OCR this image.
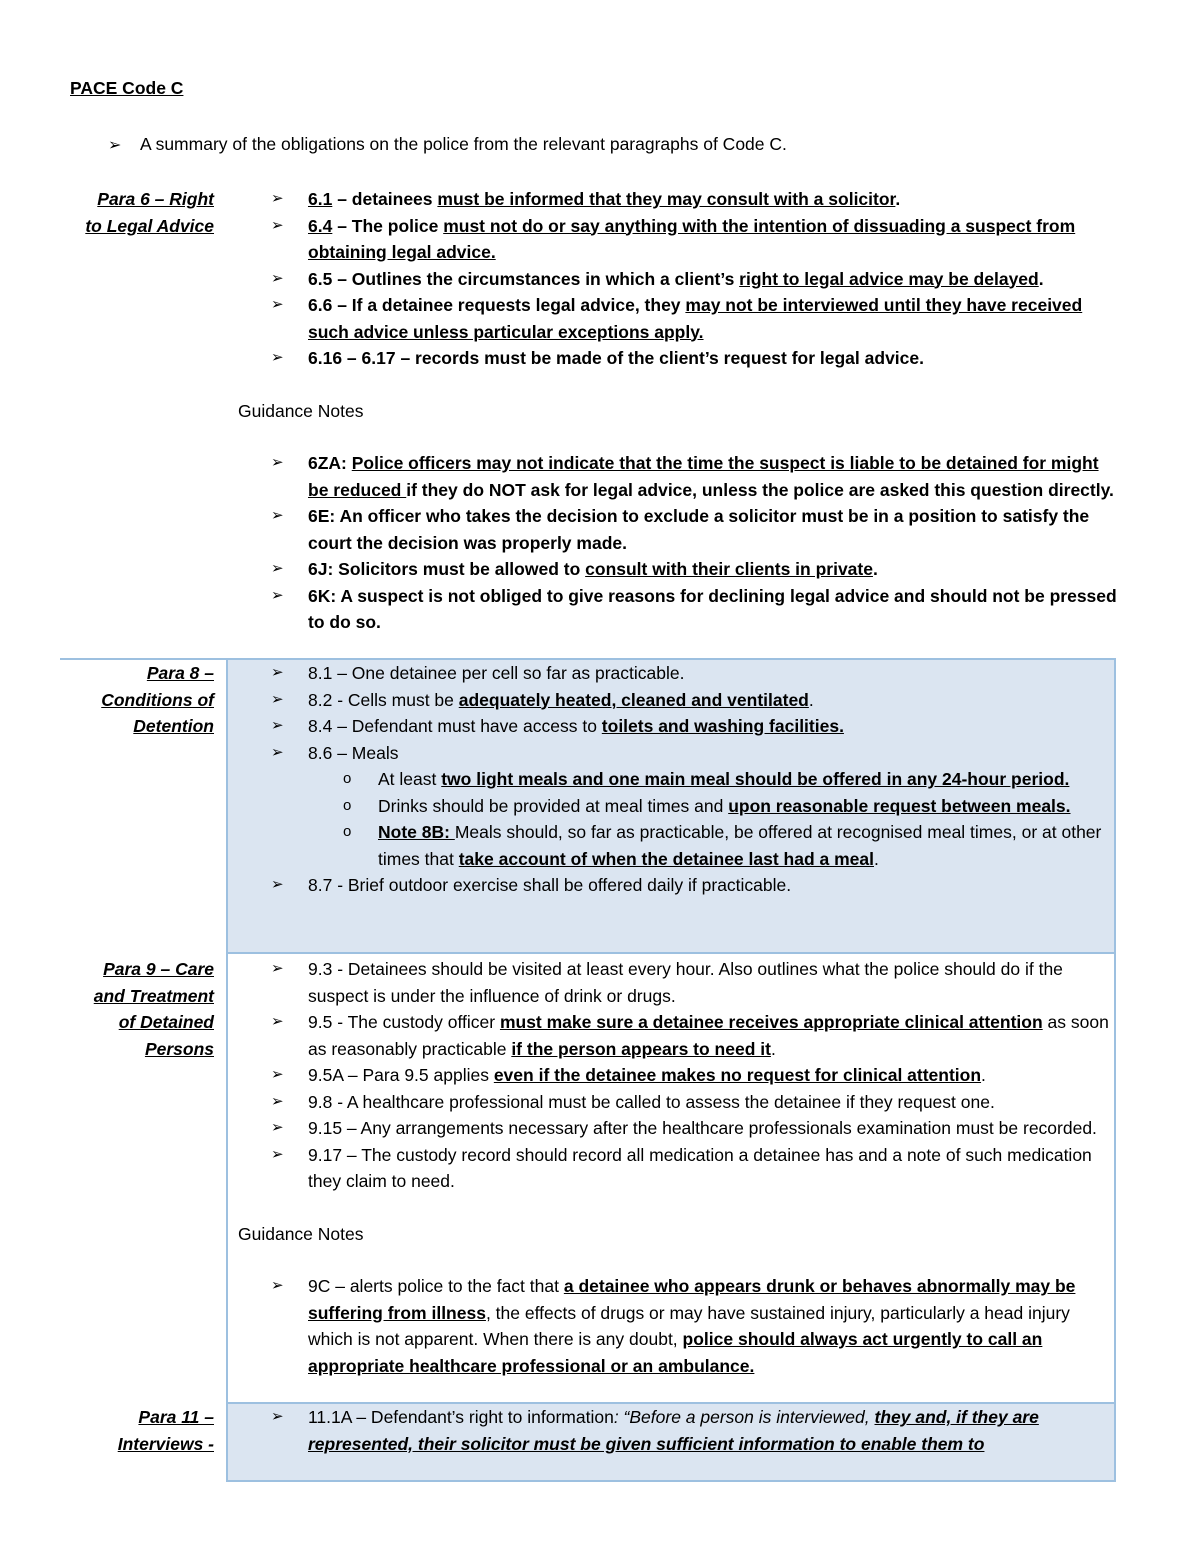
PACE Code C
➢ A summary of the obligations on the police from the relevant paragraphs of Code C.
Para 6 – Right
to Legal Advice
➢ 6.1 – detainees must be informed that they may consult with a solicitor.
➢ 6.4 – The police must not do or say anything with the intention of dissuading a suspect from obtaining legal advice.
➢ 6.5 – Outlines the circumstances in which a client’s right to legal advice may be delayed.
➢ 6.6 – If a detainee requests legal advice, they may not be interviewed until they have received such advice unless particular exceptions apply.
➢ 6.16 – 6.17 – records must be made of the client’s request for legal advice.
Guidance Notes
➢ 6ZA: Police officers may not indicate that the time the suspect is liable to be detained for might be reduced if they do NOT ask for legal advice, unless the police are asked this question directly.
➢ 6E: An officer who takes the decision to exclude a solicitor must be in a position to satisfy the court the decision was properly made.
➢ 6J: Solicitors must be allowed to consult with their clients in private.
➢ 6K: A suspect is not obliged to give reasons for declining legal advice and should not be pressed to do so.
Para 8 –
Conditions of
Detention
➢ 8.1 – One detainee per cell so far as practicable.
➢ 8.2 - Cells must be adequately heated, cleaned and ventilated.
➢ 8.4 – Defendant must have access to toilets and washing facilities.
➢ 8.6 – Meals
o At least two light meals and one main meal should be offered in any 24-hour period.
o Drinks should be provided at meal times and upon reasonable request between meals.
o Note 8B: Meals should, so far as practicable, be offered at recognised meal times, or at other times that take account of when the detainee last had a meal.
➢ 8.7 - Brief outdoor exercise shall be offered daily if practicable.
Para 9 – Care
and Treatment
of Detained
Persons
➢ 9.3 - Detainees should be visited at least every hour. Also outlines what the police should do if the suspect is under the influence of drink or drugs.
➢ 9.5 - The custody officer must make sure a detainee receives appropriate clinical attention as soon as reasonably practicable if the person appears to need it.
➢ 9.5A – Para 9.5 applies even if the detainee makes no request for clinical attention.
➢ 9.8 - A healthcare professional must be called to assess the detainee if they request one.
➢ 9.15 – Any arrangements necessary after the healthcare professionals examination must be recorded.
➢ 9.17 – The custody record should record all medication a detainee has and a note of such medication they claim to need.
Guidance Notes
➢ 9C – alerts police to the fact that a detainee who appears drunk or behaves abnormally may be suffering from illness, the effects of drugs or may have sustained injury, particularly a head injury which is not apparent. When there is any doubt, police should always act urgently to call an appropriate healthcare professional or an ambulance.
Para 11 –
Interviews -
➢ 11.1A – Defendant’s right to information: “Before a person is interviewed, they and, if they are represented, their solicitor must be given sufficient information to enable them to
